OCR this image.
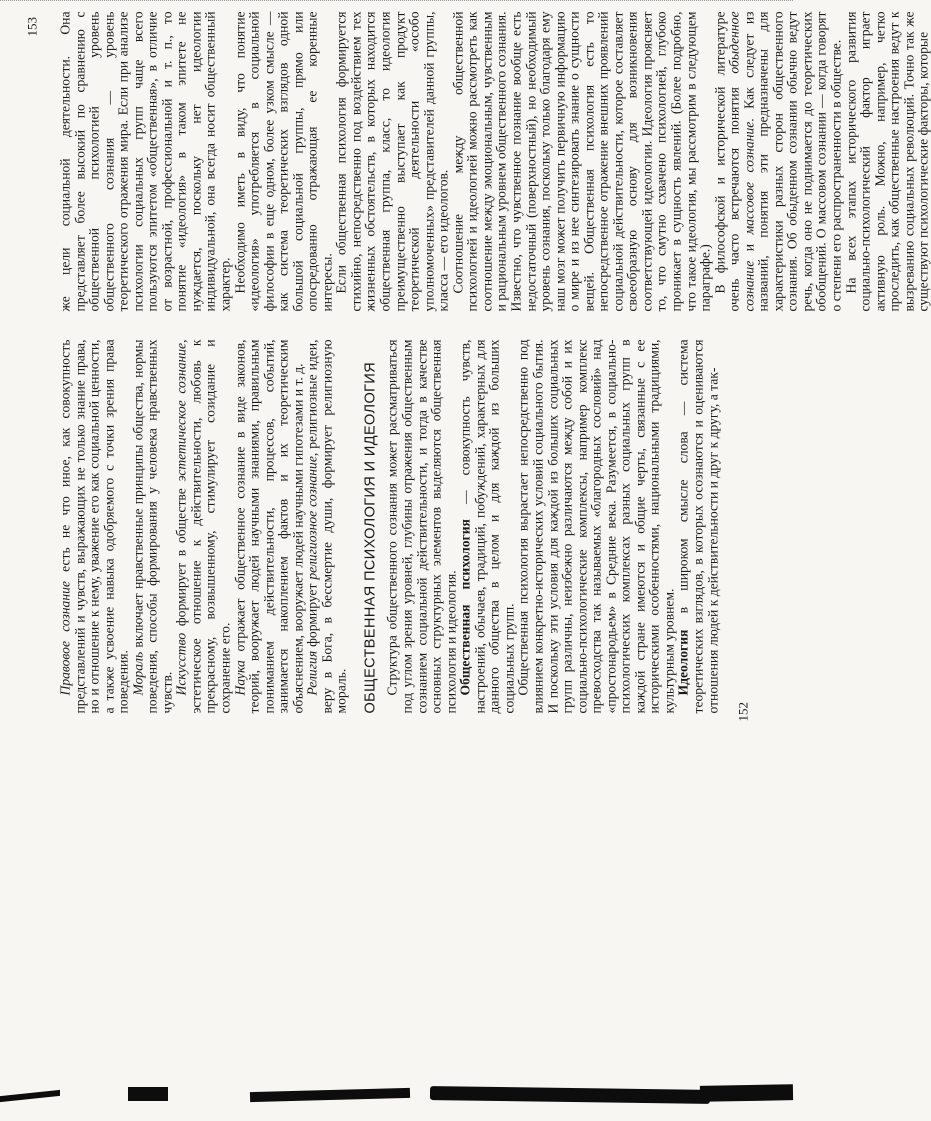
152
153

Правовое сознание есть не что иное, как совокупность представлений и чувств, выражающих не только знание права, но и отношение к нему, уважение его как социальной ценности, а также усвоение навыка одобряемого с точки зрения права поведения. Мораль включает нравственные принципы общества, нормы поведения, способы формирования у человека нравственных чувств. Искусство формирует в обществе эстетическое сознание, эстетическое отношение к действительности, любовь к прекрасному, возвышенному, стимулирует созидание и сохранение его. Наука отражает общественное сознание в виде законов, теорий, вооружает людей научными знаниями, правильным пониманием действительности, процессов, событий, занимается накоплением фактов и их теоретическим объяснением, вооружает людей научными гипотезами и т. д. Религия формирует религиозное сознание, религиозные идеи, веру в Бога, в бессмертие души, формирует религиозную мораль. ОБЩЕСТВЕННАЯ ПСИХОЛОГИЯ И ИДЕОЛОГИЯ Структура общественного сознания может рассматриваться под углом зрения уровней, глубины отражения общественным сознанием социальной действительности, и тогда в качестве основных структурных элементов выделяются общественная психология и идеология. Общественная психология — совокупность чувств, настроений, обычаев, традиций, побуждений, характерных для данного общества в целом и для каждой из больших социальных групп. Общественная психология вырастает непосредственно под влиянием конкретно-исторических условий социального бытия. И поскольку эти условия для каждой из больших социальных групп различны, неизбежно различаются между собой и их социально-психологические комплексы, например комплекс превосходства так называемых «благородных сословий» над «простонародьем» в Средние века. Разумеется, в социально-психологических комплексах разных социальных групп в каждой стране имеются и общие черты, связанные с ее историческими особенностями, национальными традициями, культурным уровнем. Идеология в широком смысле слова — система теоретических взглядов, в которых осознаются и оцениваются отношения людей к действительности и друг к другу, а так-

же цели социальной деятельности. Она представляет более высокий по сравнению с общественной психологией уровень общественного сознания — уровень теоретического отражения мира. Если при анализе психологии социальных групп чаще всего пользуются эпитетом «общественная», в отличие от возрастной, профессиональной и т. п., то понятие «идеология» в таком эпитете не нуждается, поскольку нет идеологии индивидуальной, она всегда носит общественный характер. Необходимо иметь в виду, что понятие «идеология» употребляется в социальной философии в еще одном, более узком смысле — как система теоретических взглядов одной большой социальной группы, прямо или опосредованно отражающая ее коренные интересы. Если общественная психология формируется стихийно, непосредственно под воздействием тех жизненных обстоятельств, в которых находится общественная группа, класс, то идеология преимущественно выступает как продукт теоретической деятельности «особо уполномоченных» представителей данной группы, класса — его идеологов. Соотношение между общественной психологией и идеологией можно рассмотреть как соотношение между эмоциональным, чувственным и рациональным уровнем общественного сознания. Известно, что чувственное познание вообще есть недостаточный (поверхностный), но необходимый уровень сознания, поскольку только благодаря ему наш мозг может получить первичную информацию о мире и из нее синтезировать знание о сущности вещей. Общественная психология есть то непосредственное отражение внешних проявлений социальной действительности, которое составляет своеобразную основу для возникновения соответствующей идеологии. Идеология проясняет то, что смутно схвачено психологией, глубоко проникает в сущность явлений. (Более подробно, что такое идеология, мы рассмотрим в следующем параграфе.) В философской и исторической литературе очень часто встречаются понятия обыденное сознание и массовое сознание. Как следует из названий, понятия эти предназначены для характеристики разных сторон общественного сознания. Об обыденном сознании обычно ведут речь, когда оно не поднимается до теоретических обобщений. О массовом сознании — когда говорят о степени его распространенности в обществе. На всех этапах исторического развития социально-психологический фактор играет активную роль. Можно, например, четко проследить, как общественные настроения ведут к вызреванию социальных революций. Точно так же существуют психологические факторы, которые
